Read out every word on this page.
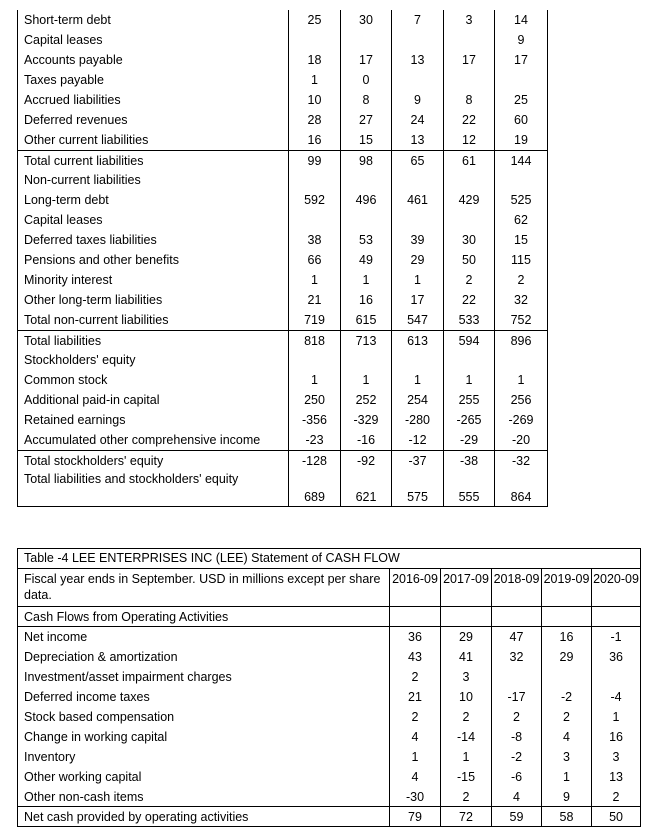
Short-term debt	25	30	7	3	14
Capital leases					9
Accounts payable	18	17	13	17	17
Taxes payable	1	0			
Accrued liabilities	10	8	9	8	25
Deferred revenues	28	27	24	22	60
Other current liabilities	16	15	13	12	19
Total current liabilities	99	98	65	61	144
Non-current liabilities					
Long-term debt	592	496	461	429	525
Capital leases					62
Deferred taxes liabilities	38	53	39	30	15
Pensions and other benefits	66	49	29	50	115
Minority interest	1	1	1	2	2
Other long-term liabilities	21	16	17	22	32
Total non-current liabilities	719	615	547	533	752
Total liabilities	818	713	613	594	896
Stockholders' equity					
Common stock	1	1	1	1	1
Additional paid-in capital	250	252	254	255	256
Retained earnings	-356	-329	-280	-265	-269
Accumulated other comprehensive income	-23	-16	-12	-29	-20
Total stockholders' equity	-128	-92	-37	-38	-32
Total liabilities and stockholders' equity	689	621	575	555	864
Table -4 LEE ENTERPRISES INC (LEE) Statement of CASH FLOW					
Fiscal year ends in September. USD in millions except per share data.	2016-09	2017-09	2018-09	2019-09	2020-09
Cash Flows from Operating Activities					
Net income	36	29	47	16	-1
Depreciation & amortization	43	41	32	29	36
Investment/asset impairment charges	2	3			
Deferred income taxes	21	10	-17	-2	-4
Stock based compensation	2	2	2	2	1
Change in working capital	4	-14	-8	4	16
Inventory	1	1	-2	3	3
Other working capital	4	-15	-6	1	13
Other non-cash items	-30	2	4	9	2
Net cash provided by operating activities	79	72	59	58	50
